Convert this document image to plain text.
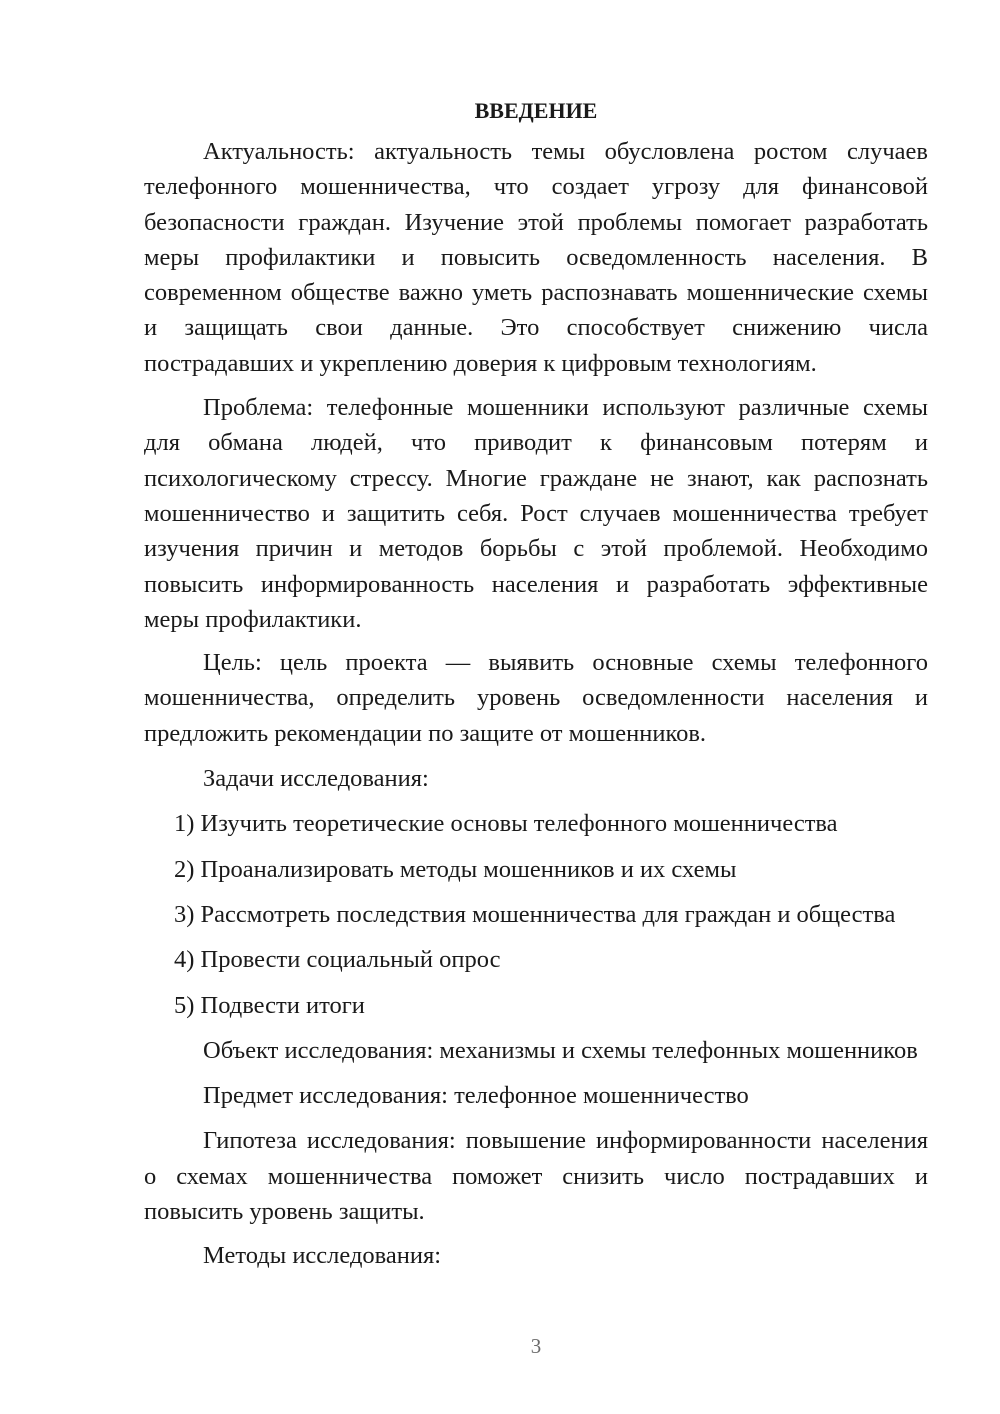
ВВЕДЕНИЕ

Актуальность: актуальность темы обусловлена ростом случаев телефонного мошенничества, что создает угрозу для финансовой безопасности граждан. Изучение этой проблемы помогает разработать меры профилактики и повысить осведомленность населения. В современном обществе важно уметь распознавать мошеннические схемы и защищать свои данные. Это способствует снижению числа пострадавших и укреплению доверия к цифровым технологиям.

Проблема: телефонные мошенники используют различные схемы для обмана людей, что приводит к финансовым потерям и психологическому стрессу. Многие граждане не знают, как распознать мошенничество и защитить себя. Рост случаев мошенничества требует изучения причин и методов борьбы с этой проблемой. Необходимо повысить информированность населения и разработать эффективные меры профилактики.

Цель: цель проекта — выявить основные схемы телефонного мошенничества, определить уровень осведомленности населения и предложить рекомендации по защите от мошенников.

Задачи исследования:

1) Изучить теоретические основы телефонного мошенничества

2) Проанализировать методы мошенников и их схемы

3) Рассмотреть последствия мошенничества для граждан и общества

4) Провести социальный опрос

5) Подвести итоги

Объект исследования: механизмы и схемы телефонных мошенников

Предмет исследования: телефонное мошенничество

Гипотеза исследования: повышение информированности населения о схемах мошенничества поможет снизить число пострадавших и повысить уровень защиты.

Методы исследования:

3
